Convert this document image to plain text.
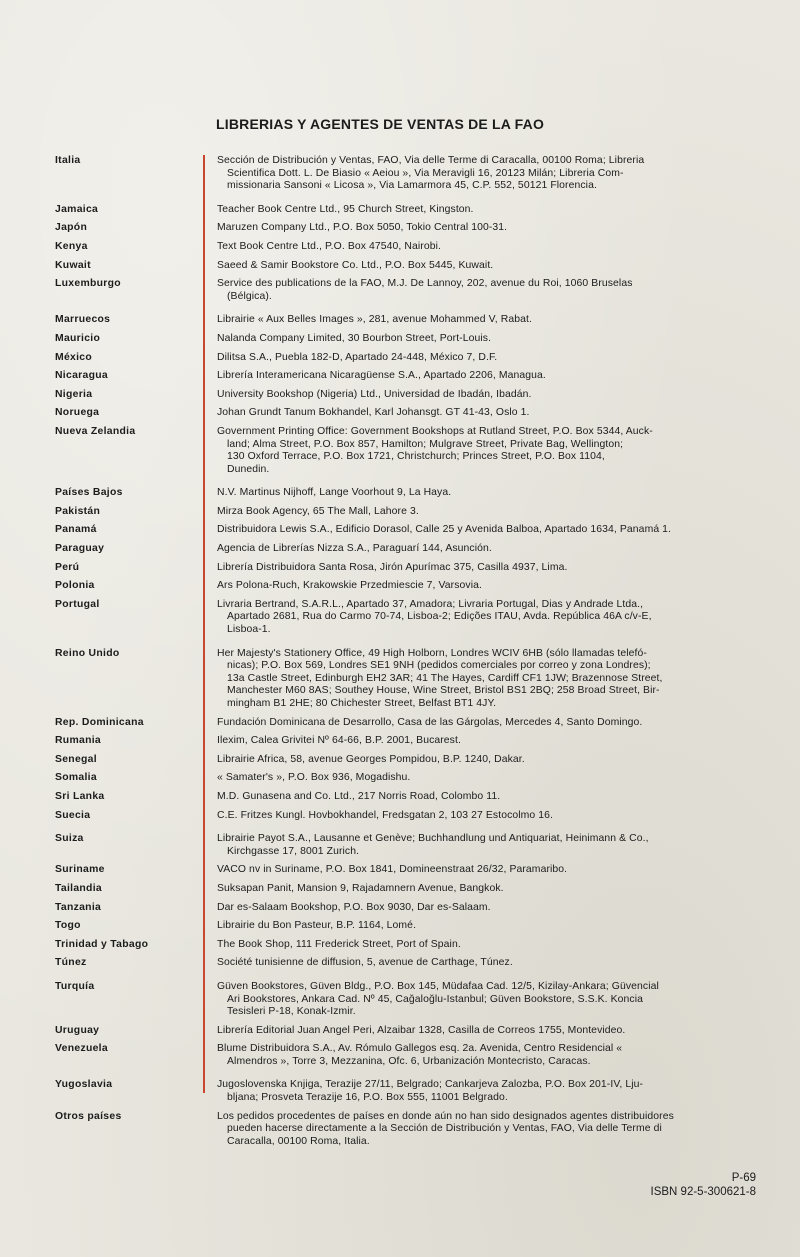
LIBRERIAS Y AGENTES DE VENTAS DE LA FAO
Italia	Sección de Distribución y Ventas, FAO, Via delle Terme di Caracalla, 00100 Roma; Libreria
Scientifica Dott. L. De Biasio « Aeiou », Via Meravigli 16, 20123 Milán; Libreria Com-
missionaria Sansoni « Licosa », Via Lamarmora 45, C.P. 552, 50121 Florencia.
Jamaica	Teacher Book Centre Ltd., 95 Church Street, Kingston.
Japón	Maruzen Company Ltd., P.O. Box 5050, Tokio Central 100-31.
Kenya	Text Book Centre Ltd., P.O. Box 47540, Nairobi.
Kuwait	Saeed & Samir Bookstore Co. Ltd., P.O. Box 5445, Kuwait.
Luxemburgo	Service des publications de la FAO, M.J. De Lannoy, 202, avenue du Roi, 1060 Bruselas
(Bélgica).
Marruecos	Librairie « Aux Belles Images », 281, avenue Mohammed V, Rabat.
Mauricio	Nalanda Company Limited, 30 Bourbon Street, Port-Louis.
México	Dilitsa S.A., Puebla 182-D, Apartado 24-448, México 7, D.F.
Nicaragua	Librería Interamericana Nicaragüense S.A., Apartado 2206, Managua.
Nigeria	University Bookshop (Nigeria) Ltd., Universidad de Ibadán, Ibadán.
Noruega	Johan Grundt Tanum Bokhandel, Karl Johansgt. GT 41-43, Oslo 1.
Nueva Zelandia	Government Printing Office: Government Bookshops at Rutland Street, P.O. Box 5344, Auck-
land; Alma Street, P.O. Box 857, Hamilton; Mulgrave Street, Private Bag, Wellington;
130 Oxford Terrace, P.O. Box 1721, Christchurch; Princes Street, P.O. Box 1104,
Dunedin.
Países Bajos	N.V. Martinus Nijhoff, Lange Voorhout 9, La Haya.
Pakistán	Mirza Book Agency, 65 The Mall, Lahore 3.
Panamá	Distribuidora Lewis S.A., Edificio Dorasol, Calle 25 y Avenida Balboa, Apartado 1634, Panamá 1.
Paraguay	Agencia de Librerías Nizza S.A., Paraguarí 144, Asunción.
Perú	Librería Distribuidora Santa Rosa, Jirón Apurímac 375, Casilla 4937, Lima.
Polonia	Ars Polona-Ruch, Krakowskie Przedmiescie 7, Varsovia.
Portugal	Livraria Bertrand, S.A.R.L., Apartado 37, Amadora; Livraria Portugal, Dias y Andrade Ltda.,
Apartado 2681, Rua do Carmo 70-74, Lisboa-2; Edições ITAU, Avda. República 46A c/v-E,
Lisboa-1.
Reino Unido	Her Majesty's Stationery Office, 49 High Holborn, Londres WCIV 6HB (sólo llamadas telefó-
nicas); P.O. Box 569, Londres SE1 9NH (pedidos comerciales por correo y zona Londres);
13a Castle Street, Edinburgh EH2 3AR; 41 The Hayes, Cardiff CF1 1JW; Brazennose Street,
Manchester M60 8AS; Southey House, Wine Street, Bristol BS1 2BQ; 258 Broad Street, Bir-
mingham B1 2HE; 80 Chichester Street, Belfast BT1 4JY.
Rep. Dominicana	Fundación Dominicana de Desarrollo, Casa de las Gárgolas, Mercedes 4, Santo Domingo.
Rumania	Ilexim, Calea Grivitei Nº 64-66, B.P. 2001, Bucarest.
Senegal	Librairie Africa, 58, avenue Georges Pompidou, B.P. 1240, Dakar.
Somalia	« Samater's », P.O. Box 936, Mogadishu.
Sri Lanka	M.D. Gunasena and Co. Ltd., 217 Norris Road, Colombo 11.
Suecia	C.E. Fritzes Kungl. Hovbokhandel, Fredsgatan 2, 103 27 Estocolmo 16.
Suiza	Librairie Payot S.A., Lausanne et Genève; Buchhandlung und Antiquariat, Heinimann & Co.,
Kirchgasse 17, 8001 Zurich.
Suriname	VACO nv in Suriname, P.O. Box 1841, Domineenstraat 26/32, Paramaribo.
Tailandia	Suksapan Panit, Mansion 9, Rajadamnern Avenue, Bangkok.
Tanzania	Dar es-Salaam Bookshop, P.O. Box 9030, Dar es-Salaam.
Togo	Librairie du Bon Pasteur, B.P. 1164, Lomé.
Trinidad y Tabago	The Book Shop, 111 Frederick Street, Port of Spain.
Túnez	Société tunisienne de diffusion, 5, avenue de Carthage, Túnez.
Turquía	Güven Bookstores, Güven Bldg., P.O. Box 145, Müdafaa Cad. 12/5, Kizilay-Ankara; Güvencial
Ari Bookstores, Ankara Cad. Nº 45, Cağaloğlu-Istanbul; Güven Bookstore, S.S.K. Koncia
Tesisleri P-18, Konak-Izmir.
Uruguay	Librería Editorial Juan Angel Peri, Alzaibar 1328, Casilla de Correos 1755, Montevideo.
Venezuela	Blume Distribuidora S.A., Av. Rómulo Gallegos esq. 2a. Avenida, Centro Residencial «
Almendros », Torre 3, Mezzanina, Ofc. 6, Urbanización Montecristo, Caracas.
Yugoslavia	Jugoslovenska Knjiga, Terazije 27/11, Belgrado; Cankarjeva Zalozba, P.O. Box 201-IV, Lju-
bljana; Prosveta Terazije 16, P.O. Box 555, 11001 Belgrado.
Otros países	Los pedidos procedentes de países en donde aún no han sido designados agentes distribuidores
pueden hacerse directamente a la Sección de Distribución y Ventas, FAO, Via delle Terme di
Caracalla, 00100 Roma, Italia.
P-69
ISBN 92-5-300621-8
